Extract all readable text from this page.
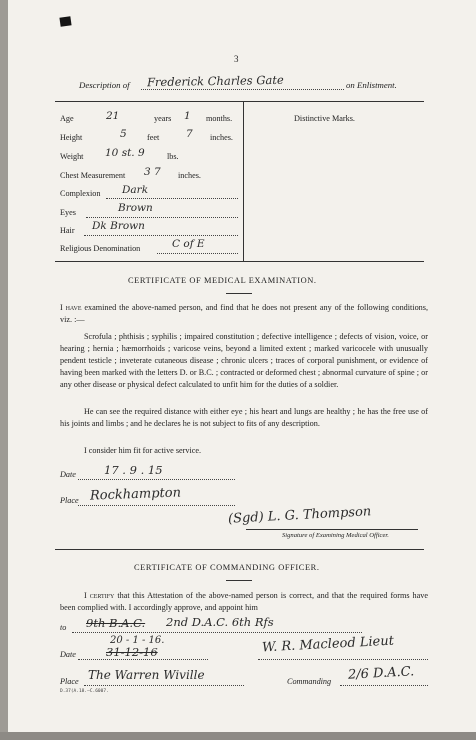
3
Description of Frederick Charles Gate	on Enlistment.
Age	21	years 1 months.
Height	5 feet	7 inches.
Weight 10 st. 9	lbs.
Chest Measurement 3 7 inches.
Complexion Dark
Eyes	Brown
Hair Dk Brown
Religious Denomination	C of E
Distinctive Marks.
CERTIFICATE OF MEDICAL EXAMINATION.
I have examined the above-named person, and find that he does not present any of the following conditions, viz. :—
Scrofula ; phthisis ; syphilis ; impaired constitution ; defective intelligence ; defects of vision, voice, or hearing ; hernia ; hæmorrhoids ; varicose veins, beyond a limited extent ; marked varicocele with unusually pendent testicle ; inveterate cutaneous disease ; chronic ulcers ; traces of corporal punishment, or evidence of having been marked with the letters D. or B.C. ; contracted or deformed chest ; abnormal curvature of spine ; or any other disease or physical defect calculated to unfit him for the duties of a soldier.
He can see the required distance with either eye ; his heart and lungs are healthy ; he has the free use of his joints and limbs ; and he declares he is not subject to fits of any description.
I consider him fit for active service.
Date 17 . 9 . 15
Place Rockhampton
(Sgd) L. G. Thompson
Signature of Examining Medical Officer.
CERTIFICATE OF COMMANDING OFFICER.
I certify that this Attestation of the above-named person is correct, and that the required forms have been complied with. I accordingly approve, and appoint him
to 9th B.A.C. 2nd D.A.C. 6th Rfs
20 - 1 - 16.
Date	31-12-16	W. R. Macleod Lieut
Place The Warren Wiville	Commanding 2/6 D.A.C.
D.37(A.18.—C.6007.
